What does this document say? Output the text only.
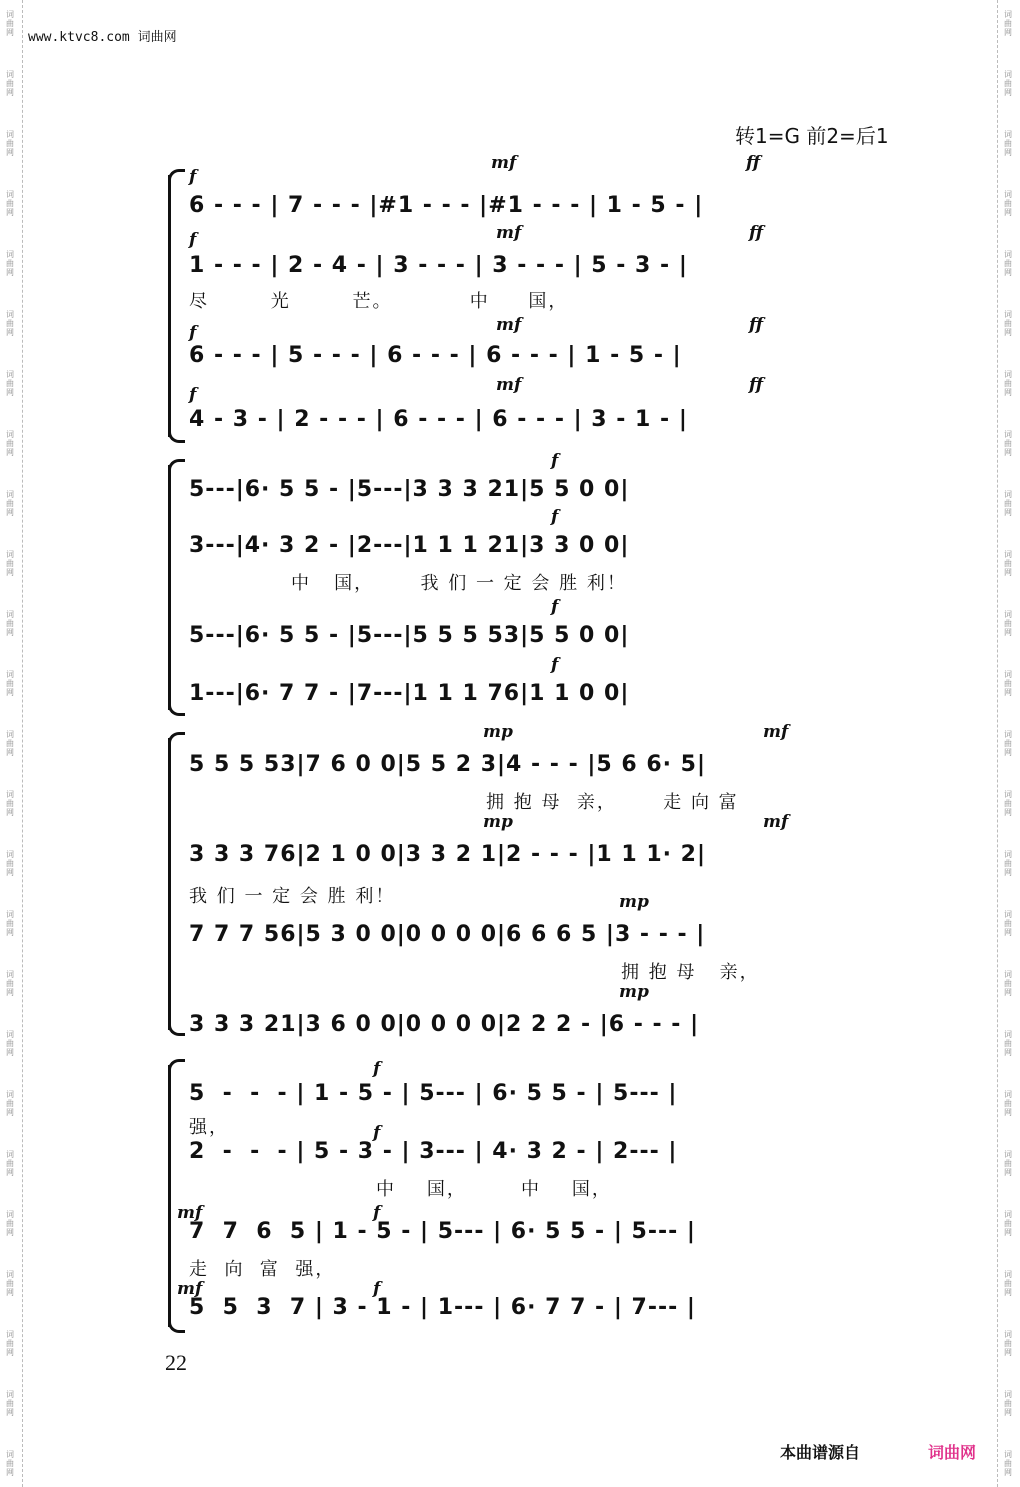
词曲网
词曲网
词曲网
词曲网
词曲网
词曲网
词曲网
词曲网
词曲网
词曲网
词曲网
词曲网
词曲网
词曲网
词曲网
词曲网
词曲网
词曲网
词曲网
词曲网
词曲网
词曲网
词曲网
词曲网
词曲网
词曲网
词曲网
词曲网
词曲网
词曲网
词曲网
词曲网
词曲网
词曲网
词曲网
词曲网
词曲网
词曲网
词曲网
词曲网
词曲网
词曲网
词曲网
词曲网
词曲网
词曲网
词曲网
词曲网
词曲网
词曲网
www.ktvc8.com 词曲网
转1=G 前2=后1
f
mf	ff
6 - - - | 7 - - - |#1 - - - |#1 - - - | 1 - 5 - |
f	mf	ff
1 - - - | 2 - 4 - | 3 - - - | 3 - - - | 5 - 3 - |
尽        光        芒。          中     国，
f	mf	ff
6 - - - | 5 - - - | 6 - - - | 6 - - - | 1 - 5 - |
f	mf	ff
4 - 3 - | 2 - - - | 6 - - - | 6 - - - | 3 - 1 - |
5---|6· 5 5 - |5---|3 3 3 21|5 5 0 0|
f
3---|4· 3 2 - |2---|1 1 1 21|3 3 0 0|
f
中   国，      我 们 一 定 会 胜 利！
5---|6· 5 5 - |5---|5 5 5 53|5 5 0 0|
f
1---|6· 7 7 - |7---|1 1 1 76|1 1 0 0|
f
mp	mf
5 5 5 53|7 6 0 0|5 5 2 3|4 - - - |5 6 6· 5|
拥 抱 母  亲，      走 向 富
mp	mf
3 3 3 76|2 1 0 0|3 3 2 1|2 - - - |1 1 1· 2|
我 们 一 定 会 胜 利！	mp
7 7 7 56|5 3 0 0|0 0 0 0|6 6 6 5 |3 - - - |
拥 抱 母   亲，
mp
3 3 3 21|3 6 0 0|0 0 0 0|2 2 2 - |6 - - - |
f
5  -  -  - | 1 - 5 - | 5--- | 6· 5 5 - | 5--- |
强，	f
2  -  -  - | 5 - 3 - | 3--- | 4· 3 2 - | 2--- |
中    国，       中    国，
mf	f
7  7  6  5 | 1 - 5 - | 5--- | 6· 5 5 - | 5--- |
走  向  富  强，
mf	f
5  5  3  7 | 3 - 1 - | 1--- | 6· 7 7 - | 7--- |
22
本曲谱源自	词曲网
